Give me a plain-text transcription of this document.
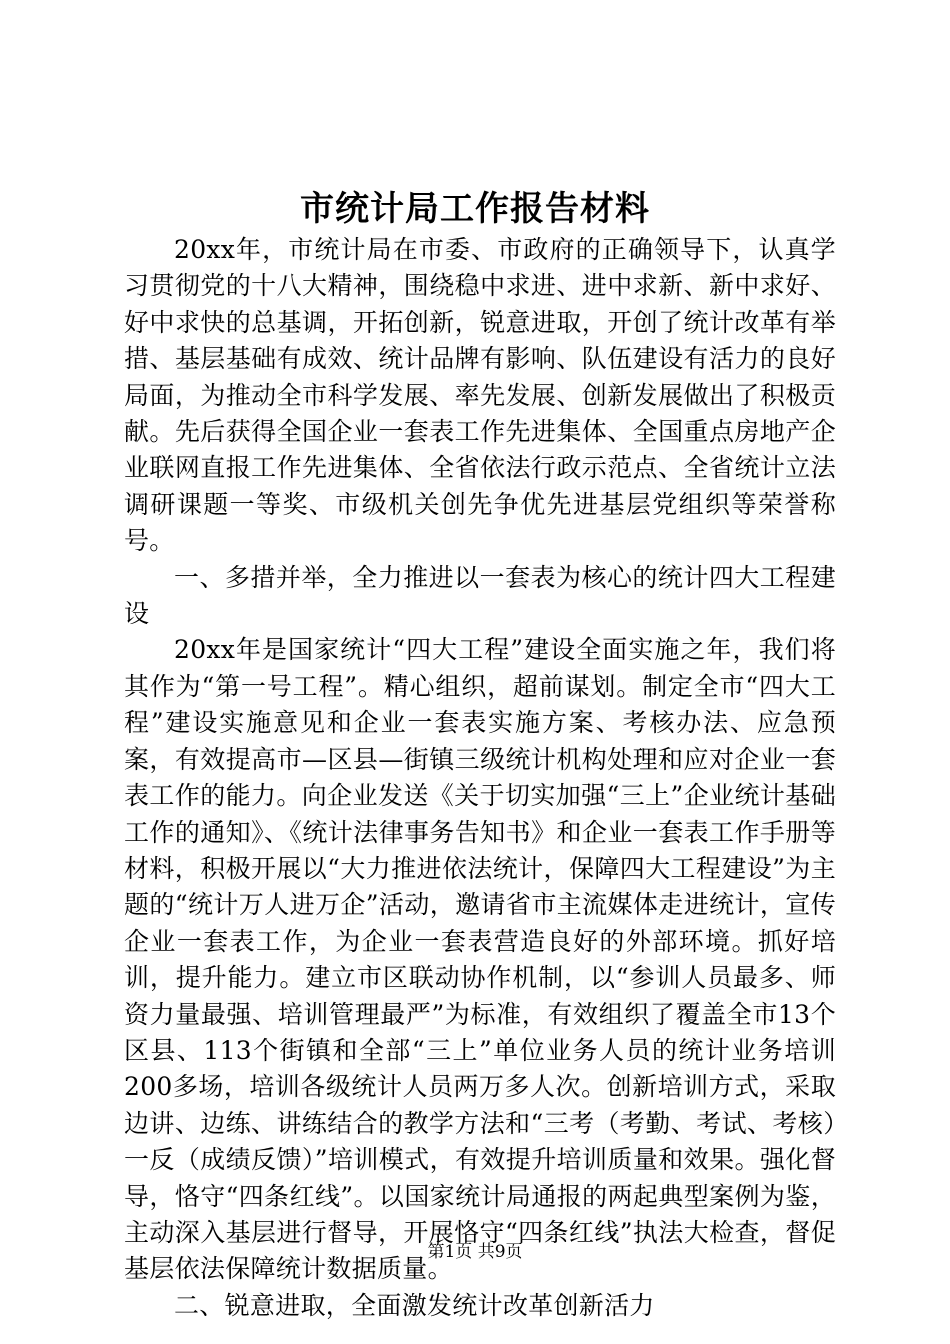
市统计局工作报告材料

20xx年，市统计局在市委、市政府的正确领导下，认真学习贯彻党的十八大精神，围绕稳中求进、进中求新、新中求好、好中求快的总基调，开拓创新，锐意进取，开创了统计改革有举措、基层基础有成效、统计品牌有影响、队伍建设有活力的良好局面，为推动全市科学发展、率先发展、创新发展做出了积极贡献。先后获得全国企业一套表工作先进集体、全国重点房地产企业联网直报工作先进集体、全省依法行政示范点、全省统计立法调研课题一等奖、市级机关创先争优先进基层党组织等荣誉称号。

一、多措并举，全力推进以一套表为核心的统计四大工程建设

20xx年是国家统计“四大工程”建设全面实施之年，我们将其作为“第一号工程”。精心组织，超前谋划。制定全市“四大工程”建设实施意见和企业一套表实施方案、考核办法、应急预案，有效提高市—区县—街镇三级统计机构处理和应对企业一套表工作的能力。向企业发送《关于切实加强“三上”企业统计基础工作的通知》、《统计法律事务告知书》和企业一套表工作手册等材料，积极开展以“大力推进依法统计，保障四大工程建设”为主题的“统计万人进万企”活动，邀请省市主流媒体走进统计，宣传企业一套表工作，为企业一套表营造良好的外部环境。抓好培训，提升能力。建立市区联动协作机制，以“参训人员最多、师资力量最强、培训管理最严”为标准，有效组织了覆盖全市13个区县、113个街镇和全部“三上”单位业务人员的统计业务培训200多场，培训各级统计人员两万多人次。创新培训方式，采取边讲、边练、讲练结合的教学方法和“三考（考勤、考试、考核）一反（成绩反馈）”培训模式，有效提升培训质量和效果。强化督导，恪守“四条红线”。以国家统计局通报的两起典型案例为鉴，主动深入基层进行督导，开展恪守“四条红线”执法大检查，督促基层依法保障统计数据质量。

二、锐意进取，全面激发统计改革创新活力

第1页 共9页
